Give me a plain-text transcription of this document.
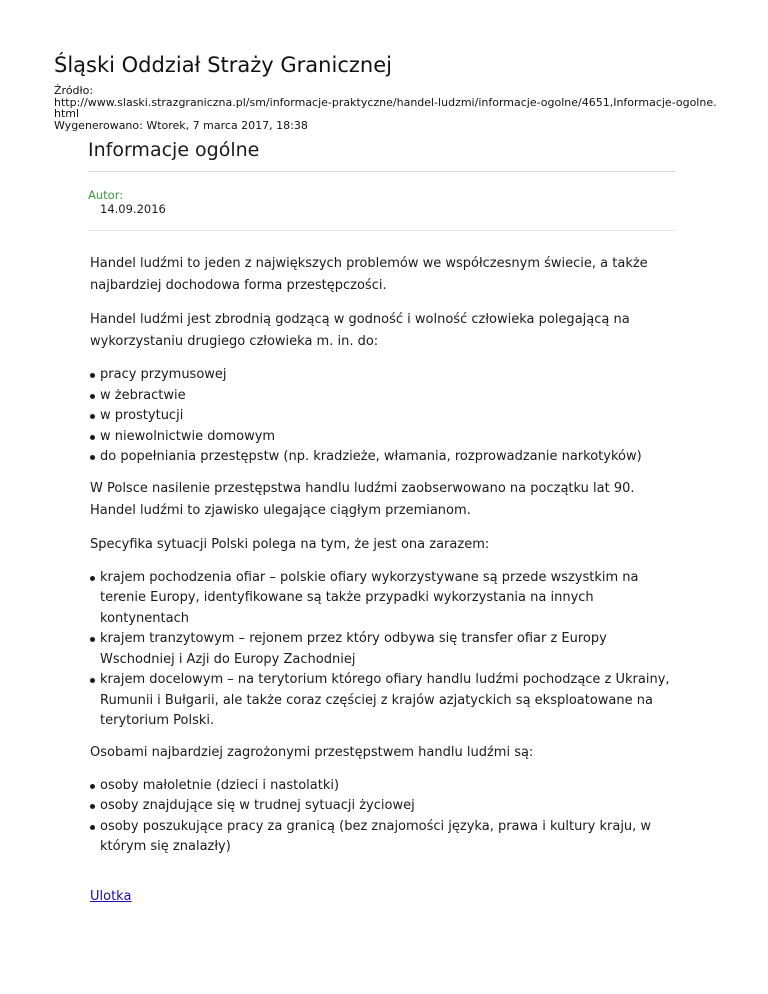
Śląski Oddział Straży Granicznej
Źródło:
http://www.slaski.strazgraniczna.pl/sm/informacje-praktyczne/handel-ludzmi/informacje-ogolne/4651,Informacje-ogolne.html
Wygenerowano: Wtorek, 7 marca 2017, 18:38
Informacje ogólne
Autor:
14.09.2016

Handel ludźmi to jeden z największych problemów we współczesnym świecie, a także najbardziej dochodowa forma przestępczości.

Handel ludźmi jest zbrodnią godzącą w godność i wolność człowieka polegającą na wykorzystaniu drugiego człowieka m. in. do:

pracy przymusowej
w żebractwie
w prostytucji
w niewolnictwie domowym
do popełniania przestępstw (np. kradzieże, włamania, rozprowadzanie narkotyków)

W Polsce nasilenie przestępstwa handlu ludźmi zaobserwowano na początku lat 90. Handel ludźmi to zjawisko ulegające ciągłym przemianom.

Specyfika sytuacji Polski polega na tym, że jest ona zarazem:

krajem pochodzenia ofiar – polskie ofiary wykorzystywane są przede wszystkim na terenie Europy, identyfikowane są także przypadki wykorzystania na innych kontynentach
krajem tranzytowym – rejonem przez który odbywa się transfer ofiar z Europy Wschodniej i Azji do Europy Zachodniej
krajem docelowym – na terytorium którego ofiary handlu ludźmi pochodzące z Ukrainy, Rumunii i Bułgarii, ale także coraz częściej z krajów azjatyckich są eksploatowane na terytorium Polski.

Osobami najbardziej zagrożonymi przestępstwem handlu ludźmi są:

osoby małoletnie (dzieci i nastolatki)
osoby znajdujące się w trudnej sytuacji życiowej
osoby poszukujące pracy za granicą (bez znajomości języka, prawa i kultury kraju, w którym się znalazły)
Ulotka
